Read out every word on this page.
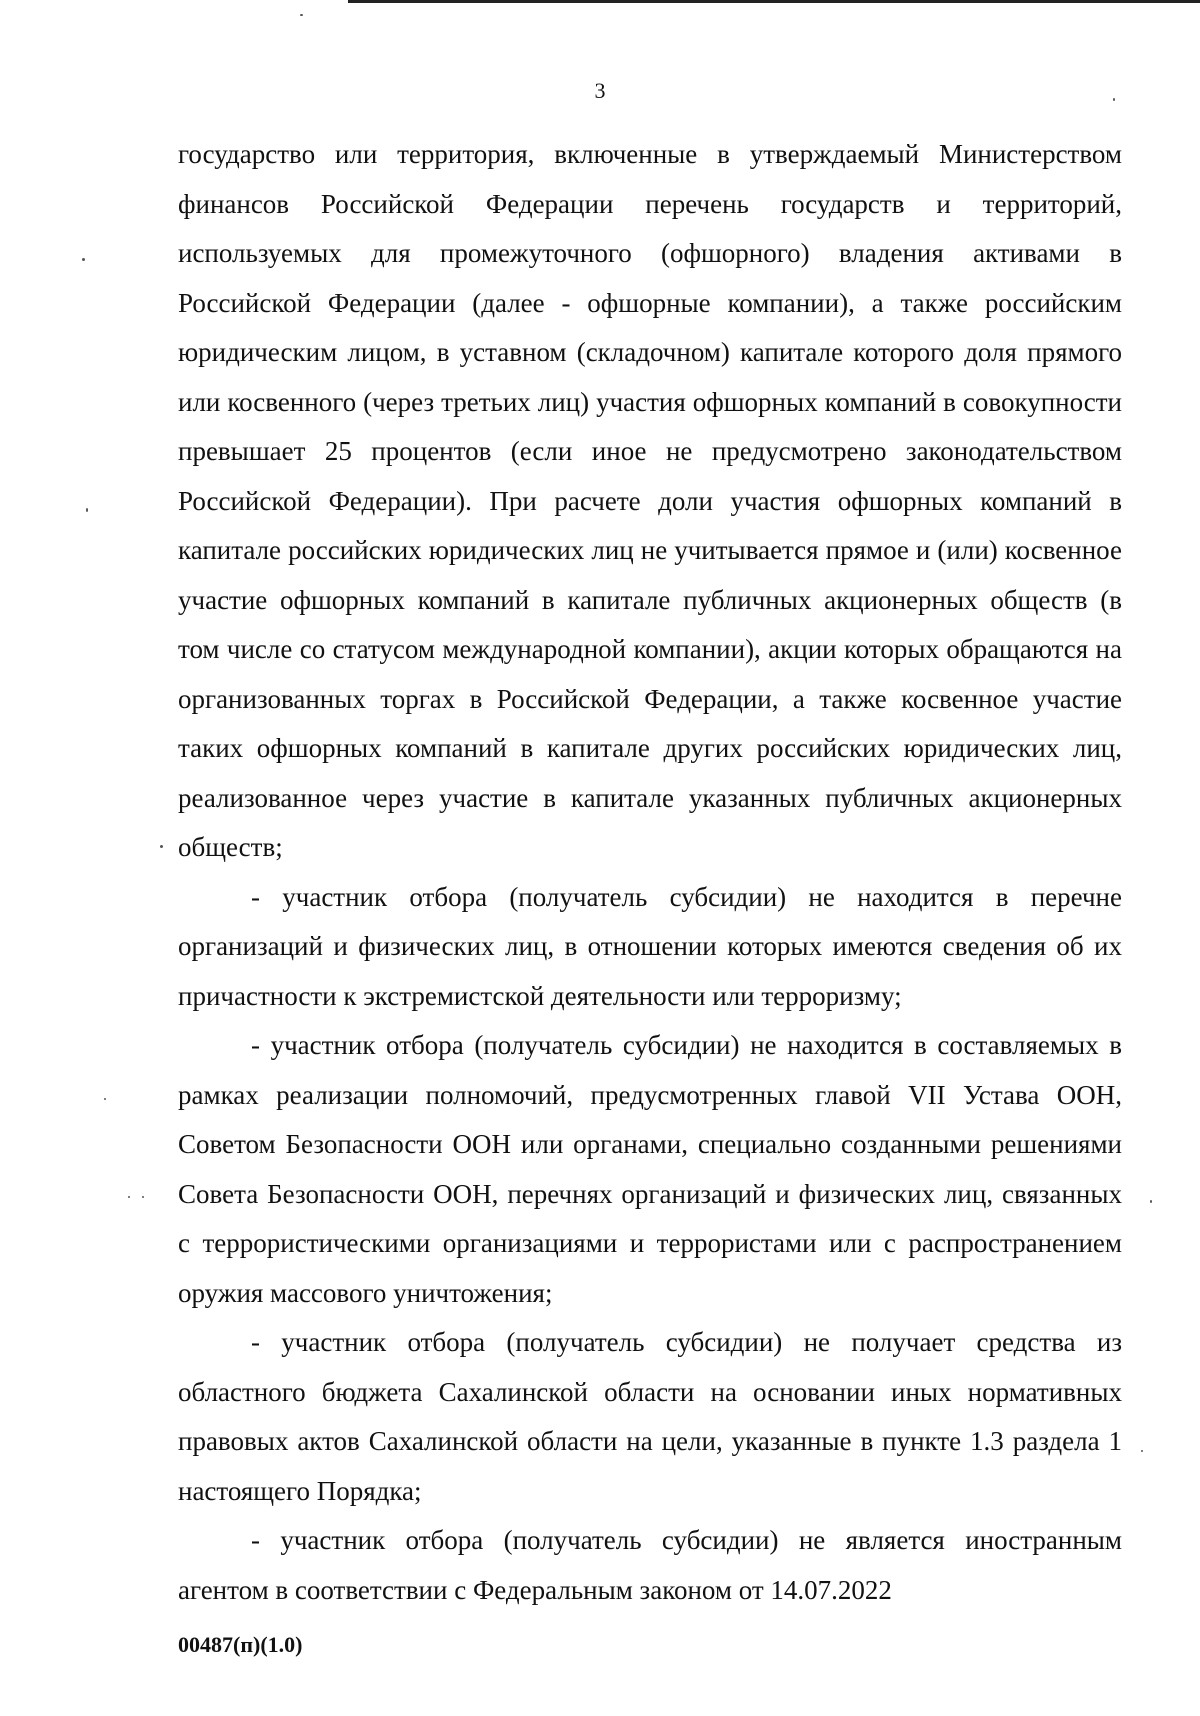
3

государство или территория, включенные в утверждаемый Министерством финансов Российской Федерации перечень государств и территорий, используемых для промежуточного (офшорного) владения активами в Российской Федерации (далее - офшорные компании), а также российским юридическим лицом, в уставном (складочном) капитале которого доля прямого или косвенного (через третьих лиц) участия офшорных компаний в совокупности превышает 25 процентов (если иное не предусмотрено законодательством Российской Федерации). При расчете доли участия офшорных компаний в капитале российских юридических лиц не учитывается прямое и (или) косвенное участие офшорных компаний в капитале публичных акционерных обществ (в том числе со статусом международной компании), акции которых обращаются на организованных торгах в Российской Федерации, а также косвенное участие таких офшорных компаний в капитале других российских юридических лиц, реализованное через участие в капитале указанных публичных акционерных обществ;

- участник отбора (получатель субсидии) не находится в перечне организаций и физических лиц, в отношении которых имеются сведения об их причастности к экстремистской деятельности или терроризму;

- участник отбора (получатель субсидии) не находится в составляемых в рамках реализации полномочий, предусмотренных главой VII Устава ООН, Советом Безопасности ООН или органами, специально созданными решениями Совета Безопасности ООН, перечнях организаций и физических лиц, связанных с террористическими организациями и террористами или с распространением оружия массового уничтожения;

- участник отбора (получатель субсидии) не получает средства из областного бюджета Сахалинской области на основании иных нормативных правовых актов Сахалинской области на цели, указанные в пункте 1.3 раздела 1 настоящего Порядка;

- участник отбора (получатель субсидии) не является иностранным агентом в соответствии с Федеральным законом от 14.07.2022

00487(п)(1.0)
